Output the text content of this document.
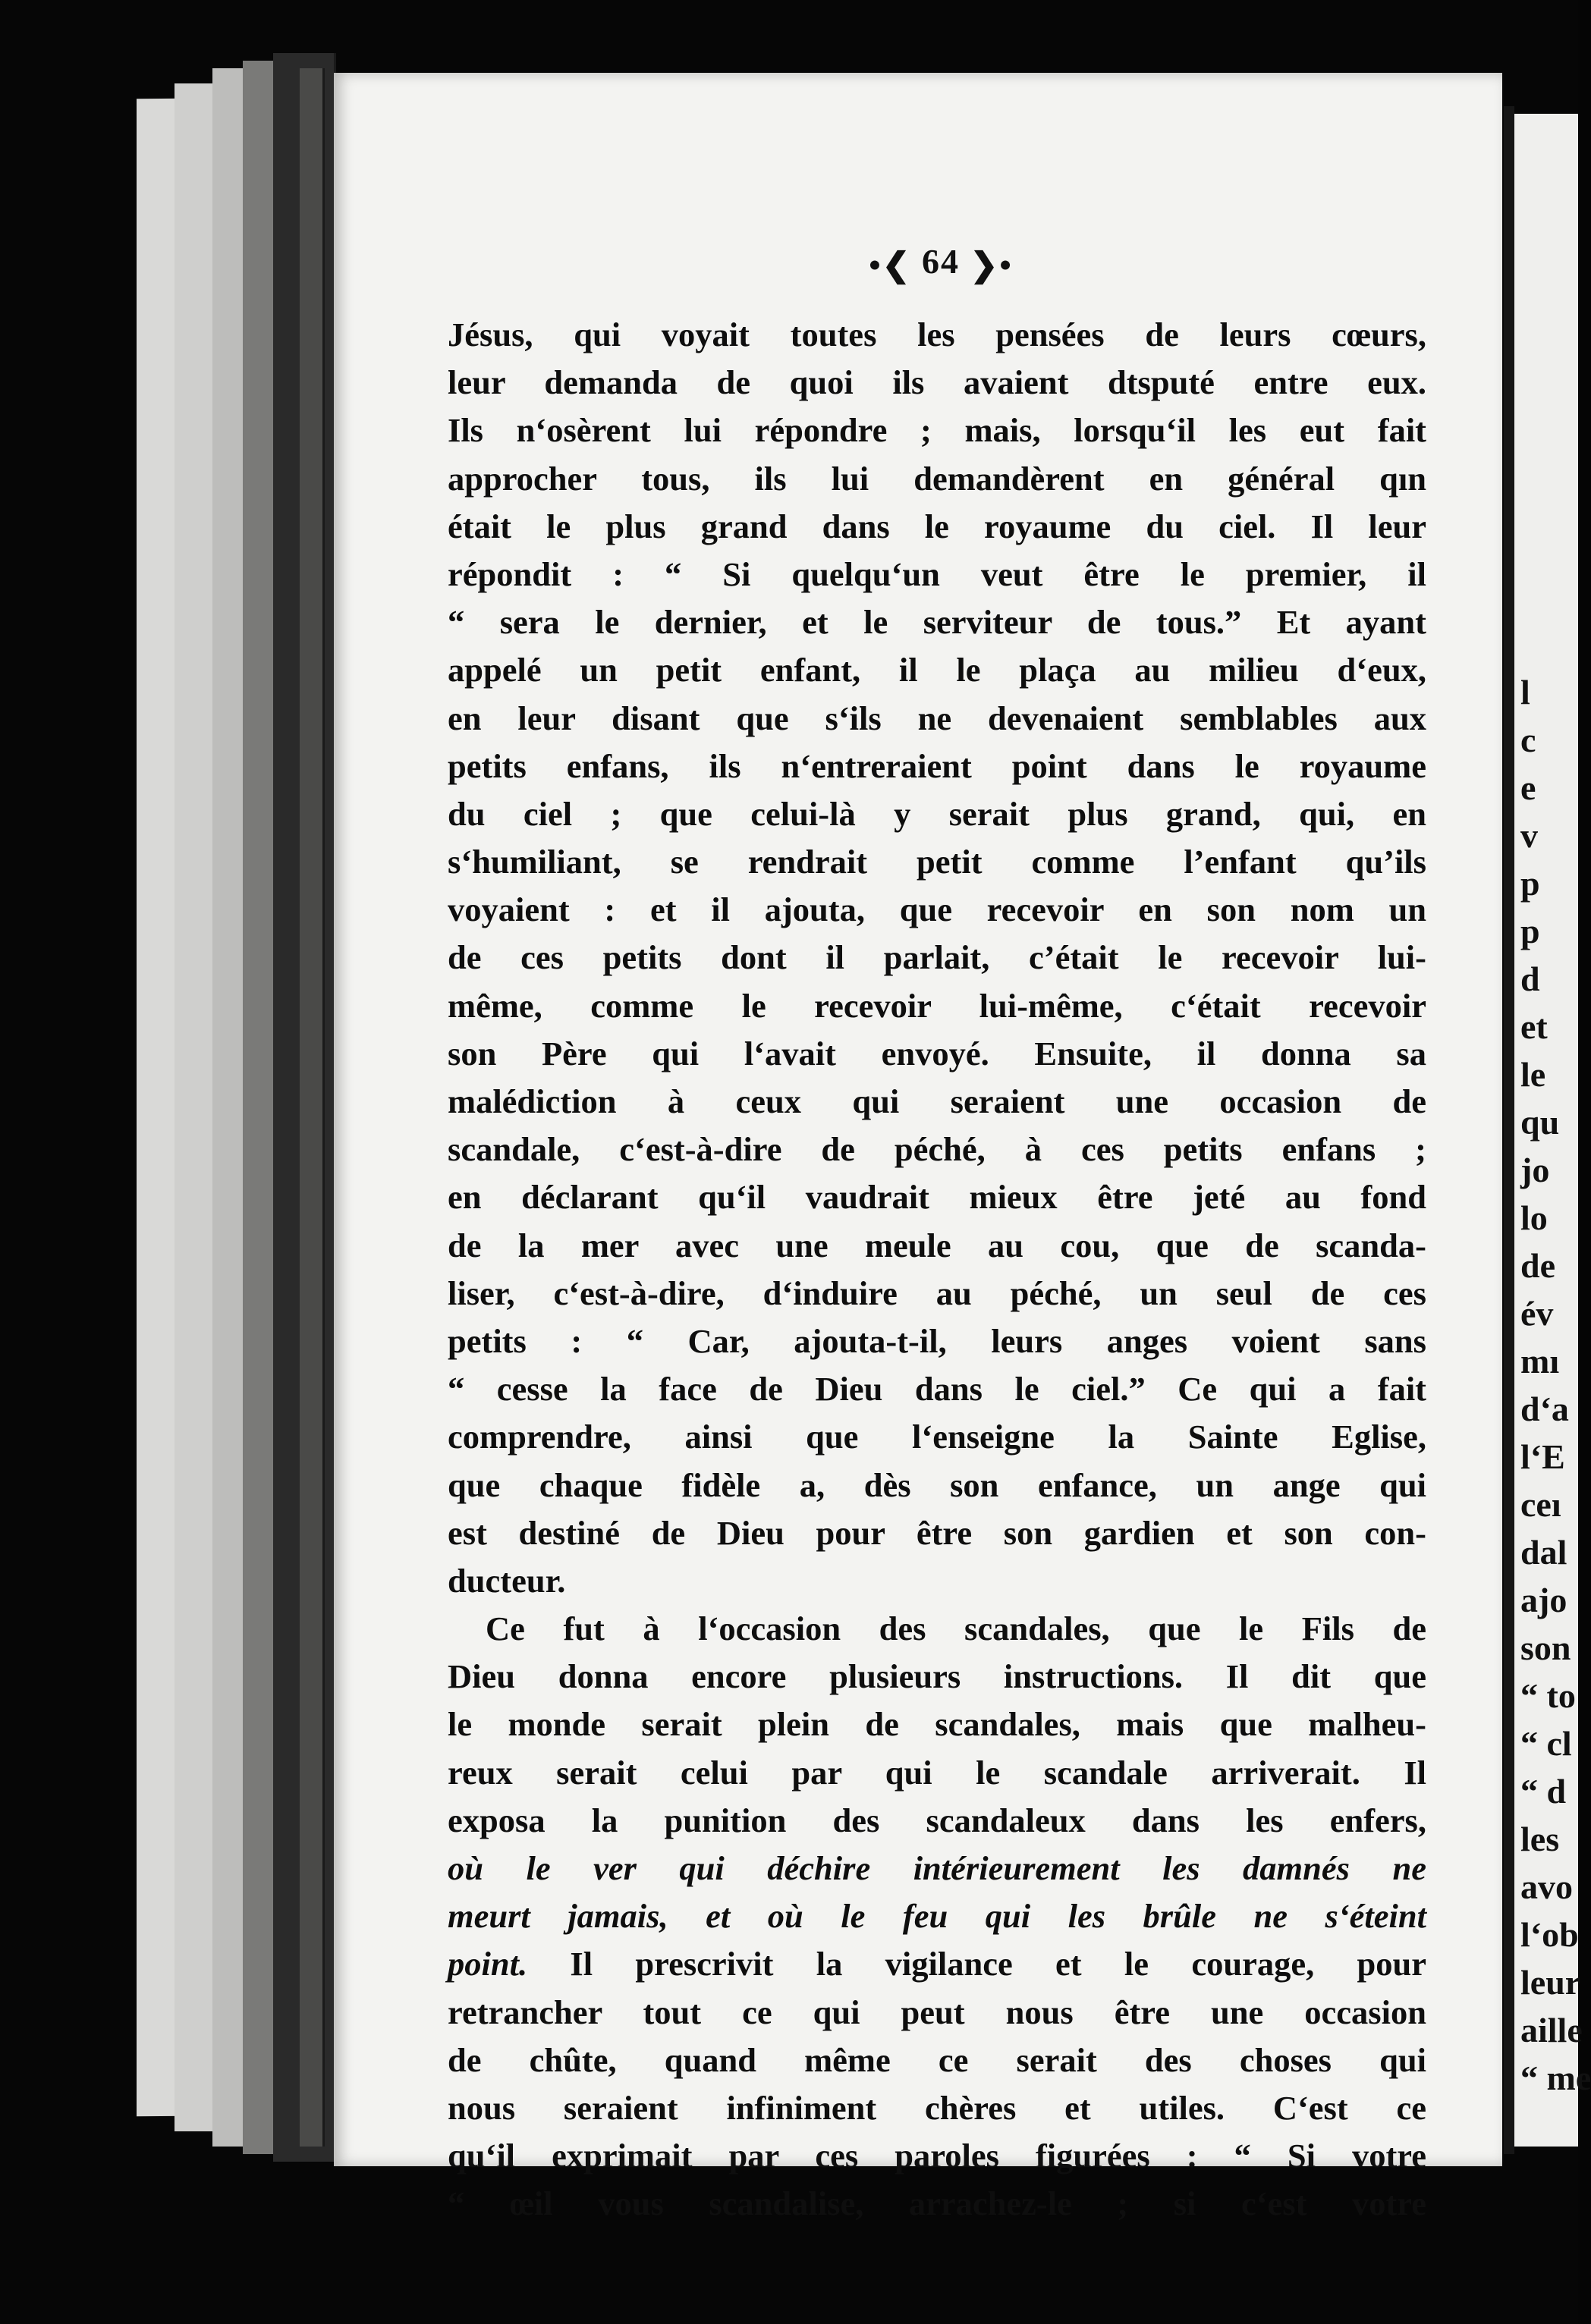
l
c
e
v
p
p
d
et
le
qu
jo
lo
de
év
mı
d‘a
l‘E
ceı
dal
ajo
son
“ to
“ cl
“ d
les
avo
l‘ob
leur
aille
“ me
•❮ 64 ❯•
Jésus, qui voyait toutes les pensées de leurs cœurs,
leur demanda de quoi ils avaient dtsputé entre eux.
Ils n‘osèrent lui répondre ; mais, lorsqu‘il les eut fait
approcher tous, ils lui demandèrent en général qın
était le plus grand dans le royaume du ciel. Il leur
répondit : “ Si quelqu‘un veut être le premier, il
“ sera le dernier, et le serviteur de tous.” Et ayant
appelé un petit enfant, il le plaça au milieu d‘eux,
en leur disant que s‘ils ne devenaient semblables aux
petits enfans, ils n‘entreraient point dans le royaume
du ciel ; que celui-là y serait plus grand, qui, en
s‘humiliant, se rendrait petit comme l’enfant qu’ils
voyaient : et il ajouta, que recevoir en son nom un
de ces petits dont il parlait, c’était le recevoir lui-
même, comme le recevoir lui-même, c‘était recevoir
son Père qui l‘avait envoyé. Ensuite, il donna sa
malédiction à ceux qui seraient une occasion de
scandale, c‘est-à-dire de péché, à ces petits enfans ;
en déclarant qu‘il vaudrait mieux être jeté au fond
de la mer avec une meule au cou, que de scanda-
liser, c‘est-à-dire, d‘induire au péché, un seul de ces
petits : “ Car, ajouta-t-il, leurs anges voient sans
“ cesse la face de Dieu dans le ciel.” Ce qui a fait
comprendre, ainsi que l‘enseigne la Sainte Eglise,
que chaque fidèle a, dès son enfance, un ange qui
est destiné de Dieu pour être son gardien et son con-
ducteur.
Ce fut à l‘occasion des scandales, que le Fils de
Dieu donna encore plusieurs instructions. Il dit que
le monde serait plein de scandales, mais que malheu-
reux serait celui par qui le scandale arriverait. Il
exposa la punition des scandaleux dans les enfers,
où le ver qui déchire intérieurement les damnés ne
meurt jamais, et où le feu qui les brûle ne s‘éteint
point. Il prescrivit la vigilance et le courage, pour
retrancher tout ce qui peut nous être une occasion
de chûte, quand même ce serait des choses qui
nous seraient infiniment chères et utiles. C‘est ce
qu‘il exprimait par ces paroles figurées : “ Si votre
“ œil vous scandalise, arrachez-le ; si c‘est votre
